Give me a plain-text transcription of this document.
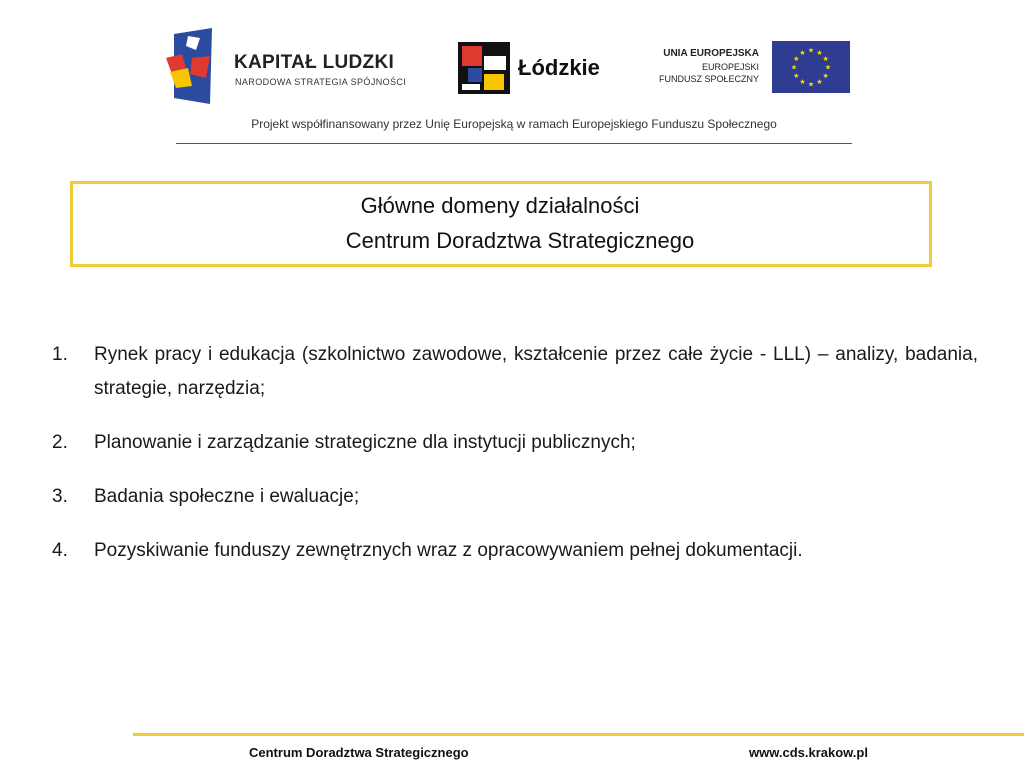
KAPITAŁ LUDZKI
NARODOWA STRATEGIA SPÓJNOŚCI
Łódzkie
UNIA EUROPEJSKA
EUROPEJSKI
FUNDUSZ SPOŁECZNY
★
★
★
★
★
★
★
★
★ ★ ★
★
Projekt współfinansowany przez Unię Europejską w ramach Europejskiego Funduszu Społecznego
Główne domeny działalności
Centrum Doradztwa Strategicznego
1.	Rynek pracy i edukacja (szkolnictwo zawodowe, kształcenie przez całe życie - LLL) – analizy, badania, strategie, narzędzia;
2.	Planowanie i zarządzanie strategiczne dla instytucji publicznych;
3.	Badania społeczne i ewaluacje;
4.	Pozyskiwanie funduszy zewnętrznych wraz z opracowywaniem pełnej dokumentacji.
Centrum Doradztwa Strategicznego	www.cds.krakow.pl
